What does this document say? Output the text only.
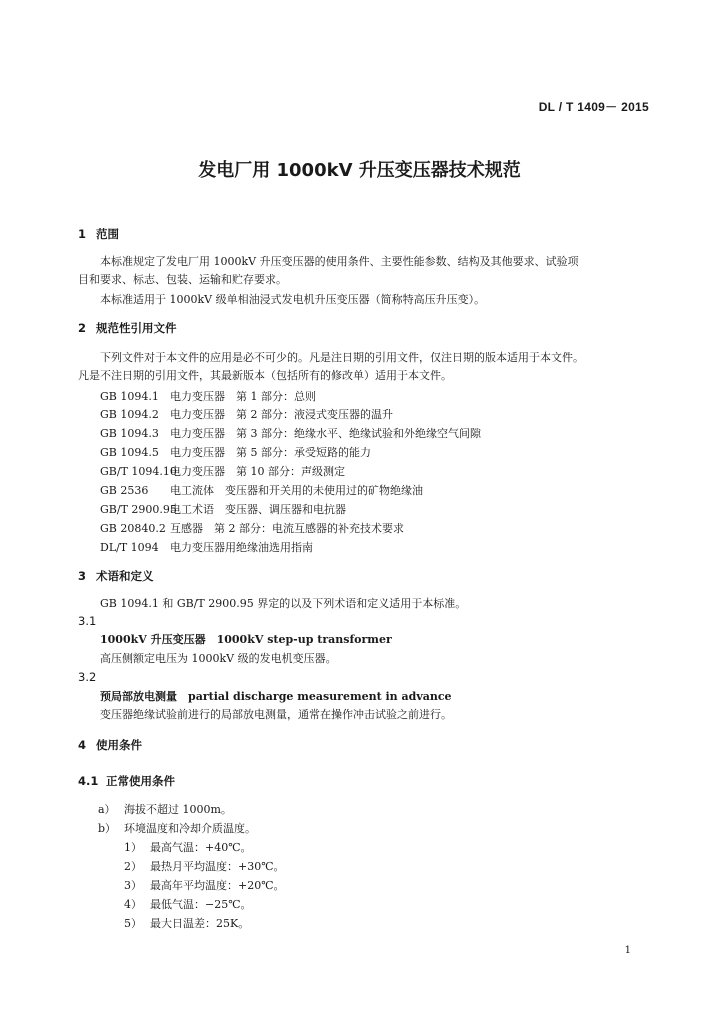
DL / T 1409－ 2015
发电厂用 1000kV 升压变压器技术规范
1 范围
本标准规定了发电厂用 1000kV 升压变压器的使用条件、主要性能参数、结构及其他要求、试验项
目和要求、标志、包装、运输和贮存要求。
本标准适用于 1000kV 级单相油浸式发电机升压变压器（简称特高压升压变）。
2 规范性引用文件
下列文件对于本文件的应用是必不可少的。凡是注日期的引用文件，仅注日期的版本适用于本文件。
凡是不注日期的引用文件，其最新版本（包括所有的修改单）适用于本文件。
GB 1094.1 电力变压器　第 1 部分：总则
GB 1094.2 电力变压器　第 2 部分：液浸式变压器的温升
GB 1094.3 电力变压器　第 3 部分：绝缘水平、绝缘试验和外绝缘空气间隙
GB 1094.5 电力变压器　第 5 部分：承受短路的能力
GB/T 1094.10电力变压器　第 10 部分：声级测定
GB 2536 电工流体　变压器和开关用的未使用过的矿物绝缘油
GB/T 2900.95电工术语　变压器、调压器和电抗器
GB 20840.2 互感器　第 2 部分：电流互感器的补充技术要求
DL/T 1094 电力变压器用绝缘油选用指南
3 术语和定义
GB 1094.1 和 GB/T 2900.95 界定的以及下列术语和定义适用于本标准。
3.1
1000kV 升压变压器　1000kV step-up transformer
高压侧额定电压为 1000kV 级的发电机变压器。
3.2
预局部放电测量　partial discharge measurement in advance
变压器绝缘试验前进行的局部放电测量，通常在操作冲击试验之前进行。
4 使用条件
4.1 正常使用条件
a） 海拔不超过 1000m。
b） 环境温度和冷却介质温度。
1） 最高气温：+40℃。
2） 最热月平均温度：+30℃。
3） 最高年平均温度：+20℃。
4） 最低气温：−25℃。
5） 最大日温差：25K。
1
